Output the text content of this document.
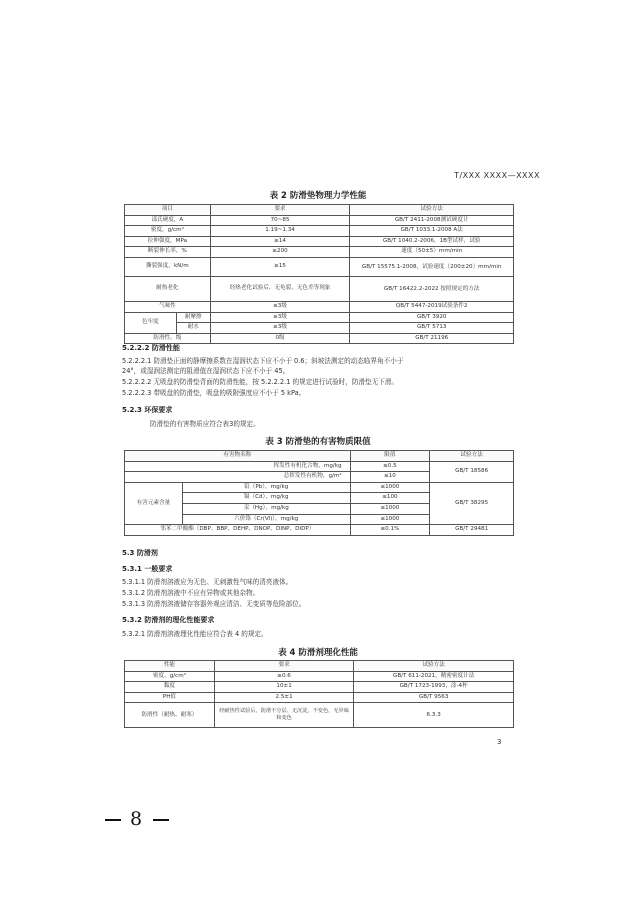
T/XXX XXXX—XXXX
表 2 防滑垫物理力学性能
项目		要求	试验方法
邵氏硬度，A		70~85	GB/T 2411-2008测试硬度计
密度，g/cm³		1.19~1.34	GB/T 1033.1-2008 A法
拉伸强度，MPa		≥14	GB/T 1040.2-2006，1B型试样，试验
断裂伸长率，%		≥200	速度（50±5）mm/min
撕裂强度，kN/m		≥15	GB/T 15575.1-2008，试验速度（200±20）mm/min
耐热老化		经热老化试验后，无龟裂、无色差等现象	GB/T 16422.2-2022 按照规定的方法
气味性		≤3级	QB/T 5447-2019试验条件2
色牢度	耐摩擦	≥3级	GB/T 3920
	耐水	≥3级	GB/T 5713
防滑性，级		0级	GB/T 21196
5.2.2.2 防滑性能
5.2.2.2.1 防滑垫正面的静摩擦系数在湿润状态下应不小于 0.6；斜坡法测定的动态临界角不小于
24°，或湿润法测定的阻滑值在湿润状态下应不小于 45。
5.2.2.2.2 无吸盘的防滑垫背面的防滑性能，按 5.2.2.2.1 的规定进行试验时，防滑垫无下滑。
5.2.2.2.3 带吸盘的防滑垫，吸盘的吸附强度应不小于 5 kPa。
5.2.3 环保要求
防滑垫的有害物质应符合表3的规定。
表 3 防滑垫的有害物质限值
有害物名称		限值	试验方法
挥发性有机化合物，mg/kg		≤0.5	GB/T 18586
总挥发性有机物，g/m²		≤10	
有害元素含量	铅（Pb），mg/kg	≤1000	GB/T 38295
	镉（Cd），mg/kg	≤100	
	汞（Hg），mg/kg	≤1000	
	六价铬（Cr(Ⅵ)），mg/kg	≤1000	
邻苯二甲酸酯（DBP、BBP、DEHP、DNOP、DINP、DIDP）		≤0.1%	GB/T 29481
5.3 防滑剂
5.3.1 一般要求
5.3.1.1 防滑剂溶液应为无色、无刺激性气味的清亮液体。
5.3.1.2 防滑剂溶液中不应有异物或其他杂物。
5.3.1.3 防滑剂溶液储存容器外观应清洁、无变质等危险部位。
5.3.2 防滑剂的理化性能要求
5.3.2.1 防滑剂溶液理化性能应符合表 4 的规定。
表 4 防滑剂理化性能
性能	要求	试验方法
密度，g/cm³	≥0.6	GB/T 611-2021，精密密度计法
黏度	10±1	GB/T 1723-1993，涂-4杯
PH值	2.5±1	GB/T 9563
防滑性（耐热、耐寒）	经耐热性试验后，防滑不分层、无沉淀，不变色，无异味和变色	6.3.3
3
8
